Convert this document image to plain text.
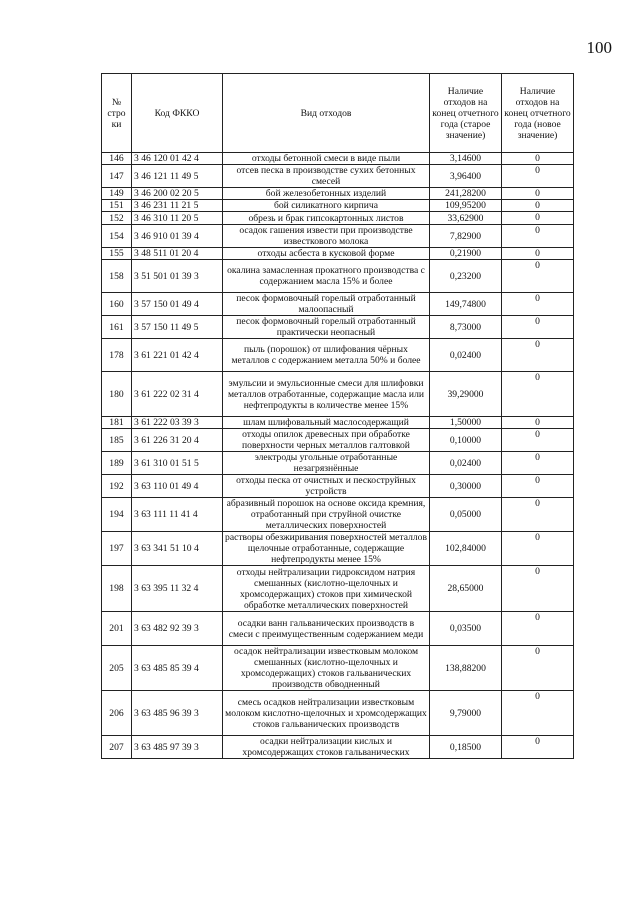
100
№ стро ки	Код ФККО	Вид отходов	Наличие отходов на конец отчетного года (старое значение)	Наличие отходов на конец отчетного года (новое значение)
146	3 46 120 01 42 4	отходы бетонной смеси в виде пыли	3,14600	0
147	3 46 121 11 49 5	отсев песка в производстве сухих бетонных смесей	3,96400	0
149	3 46 200 02 20 5	бой железобетонных изделий	241,28200	0
151	3 46 231 11 21 5	бой силикатного кирпича	109,95200	0
152	3 46 310 11 20 5	обрезь и брак гипсокартонных листов	33,62900	0
154	3 46 910 01 39 4	осадок гашения извести при производстве известкового молока	7,82900	0
155	3 48 511 01 20 4	отходы асбеста в кусковой форме	0,21900	0
158	3 51 501 01 39 3	окалина замасленная прокатного производства с содержанием масла 15% и более	0,23200	0
160	3 57 150 01 49 4	песок формовочный горелый отработанный малоопасный	149,74800	0
161	3 57 150 11 49 5	песок формовочный горелый отработанный практически неопасный	8,73000	0
178	3 61 221 01 42 4	пыль (порошок) от шлифования чёрных металлов с содержанием металла 50% и более	0,02400	0
180	3 61 222 02 31 4	эмульсии и эмульсионные смеси для шлифовки металлов отработанные, содержащие масла или нефтепродукты в количестве менее 15%	39,29000	0
181	3 61 222 03 39 3	шлам шлифовальный маслосодержащий	1,50000	0
185	3 61 226 31 20 4	отходы опилок древесных при обработке поверхности черных металлов галтовкой	0,10000	0
189	3 61 310 01 51 5	электроды угольные отработанные незагрязнённые	0,02400	0
192	3 63 110 01 49 4	отходы песка от очистных и пескоструйных устройств	0,30000	0
194	3 63 111 11 41 4	абразивный порошок на основе оксида кремния, отработанный при струйной очистке металлических поверхностей	0,05000	0
197	3 63 341 51 10 4	растворы обезжиривания поверхностей металлов щелочные отработанные, содержащие нефтепродукты менее 15%	102,84000	0
198	3 63 395 11 32 4	отходы нейтрализации гидроксидом натрия смешанных (кислотно-щелочных и хромсодержащих) стоков при химической обработке металлических поверхностей	28,65000	0
201	3 63 482 92 39 3	осадки ванн гальванических производств в смеси с преимущественным содержанием меди	0,03500	0
205	3 63 485 85 39 4	осадок нейтрализации известковым молоком смешанных (кислотно-щелочных и хромсодержащих) стоков гальванических производств обводненный	138,88200	0
206	3 63 485 96 39 3	смесь осадков нейтрализации известковым молоком кислотно-щелочных и хромсодержащих стоков гальванических производств	9,79000	0
207	3 63 485 97 39 3	осадки нейтрализации кислых и хромсодержащих стоков гальванических	0,18500	0
